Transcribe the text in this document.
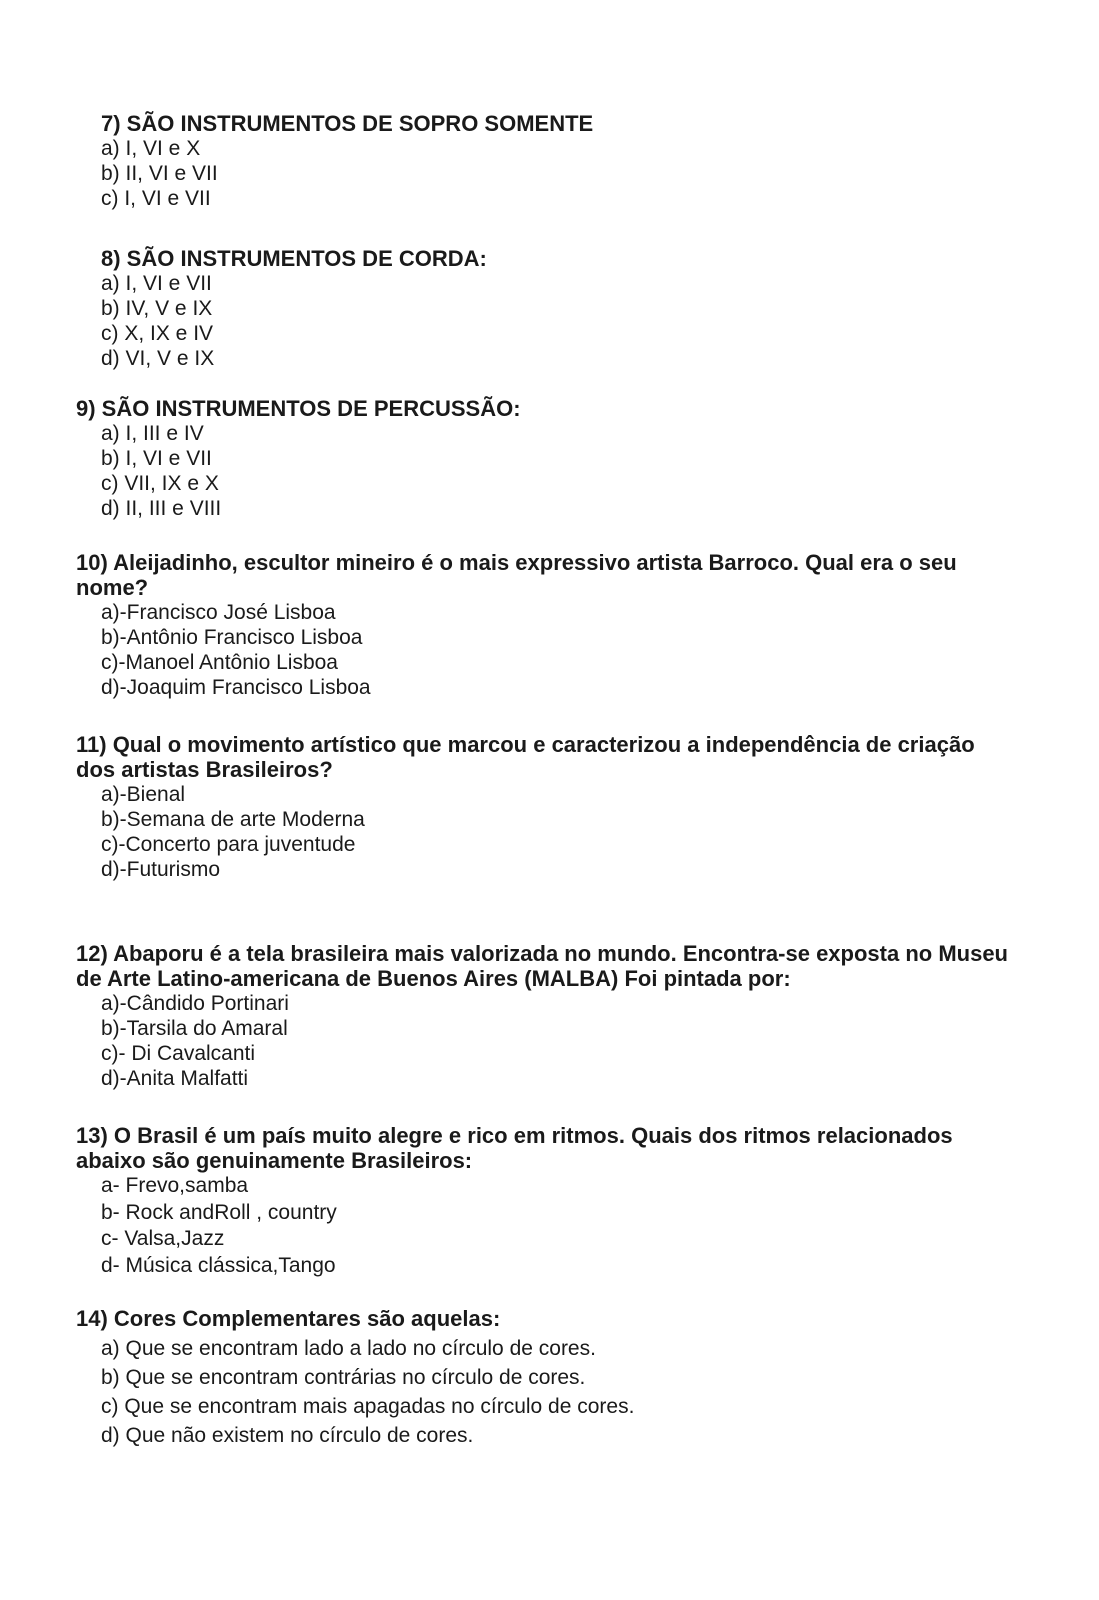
7) SÃO INSTRUMENTOS DE SOPRO SOMENTE

a) I, VI e X

b) II, VI e VII

c) I, VI e VII

8) SÃO INSTRUMENTOS DE CORDA:

a) I, VI e VII

b) IV, V e IX

c) X, IX e IV

d) VI, V e IX

9) SÃO INSTRUMENTOS DE PERCUSSÃO:

a) I, III e IV

b) I, VI e VII

c) VII, IX e X

d) II, III e VIII

10) Aleijadinho, escultor mineiro é o mais expressivo artista Barroco. Qual era o seu nome?

a)-Francisco José Lisboa

b)-Antônio Francisco Lisboa

c)-Manoel Antônio Lisboa

d)-Joaquim Francisco Lisboa

11) Qual o movimento artístico que marcou e caracterizou a independência de criação dos artistas Brasileiros?

a)-Bienal

b)-Semana de arte Moderna

c)-Concerto para juventude

d)-Futurismo

12) Abaporu é a tela brasileira mais valorizada no mundo. Encontra-se exposta no Museu de Arte Latino-americana de Buenos Aires (MALBA) Foi pintada por:

a)-Cândido Portinari

b)-Tarsila do Amaral

c)- Di Cavalcanti

d)-Anita Malfatti

13) O Brasil é um país muito alegre e rico em ritmos. Quais dos ritmos relacionados abaixo são genuinamente Brasileiros:

a- Frevo,samba

b- Rock andRoll , country

c- Valsa,Jazz

d- Música clássica,Tango

14) Cores Complementares são aquelas:

a) Que se encontram lado a lado no círculo de cores.

b) Que se encontram contrárias no círculo de cores.

c) Que se encontram mais apagadas no círculo de cores.

d) Que não existem no círculo de cores.
